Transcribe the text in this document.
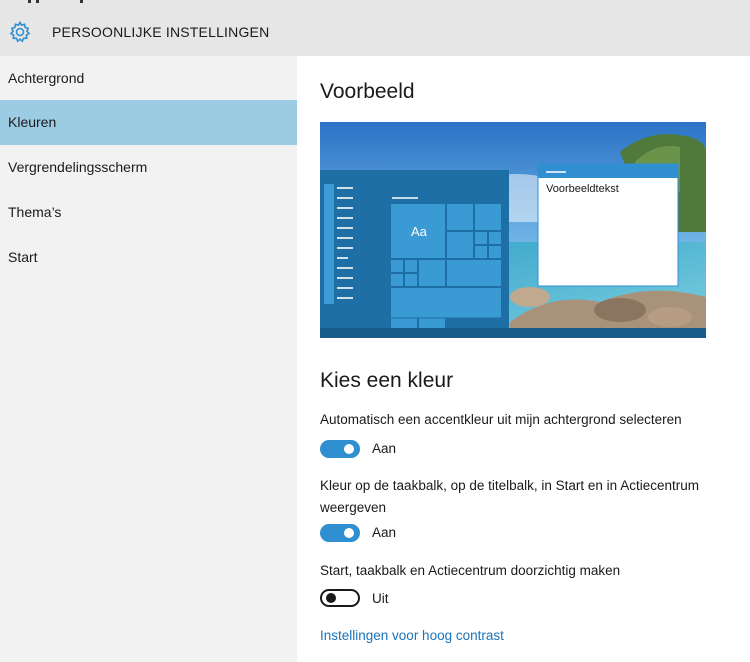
PERSOONLIJKE INSTELLINGEN
Achtergrond
Kleuren
Vergrendelingsscherm
Thema’s
Start
Voorbeeld
Aa
Voorbeeldtekst
Kies een kleur
Automatisch een accentkleur uit mijn achtergrond selecteren
Aan
Kleur op de taakbalk, op de titelbalk, in Start en in Actiecentrum weergeven
Aan
Start, taakbalk en Actiecentrum doorzichtig maken
Uit
Instellingen voor hoog contrast
